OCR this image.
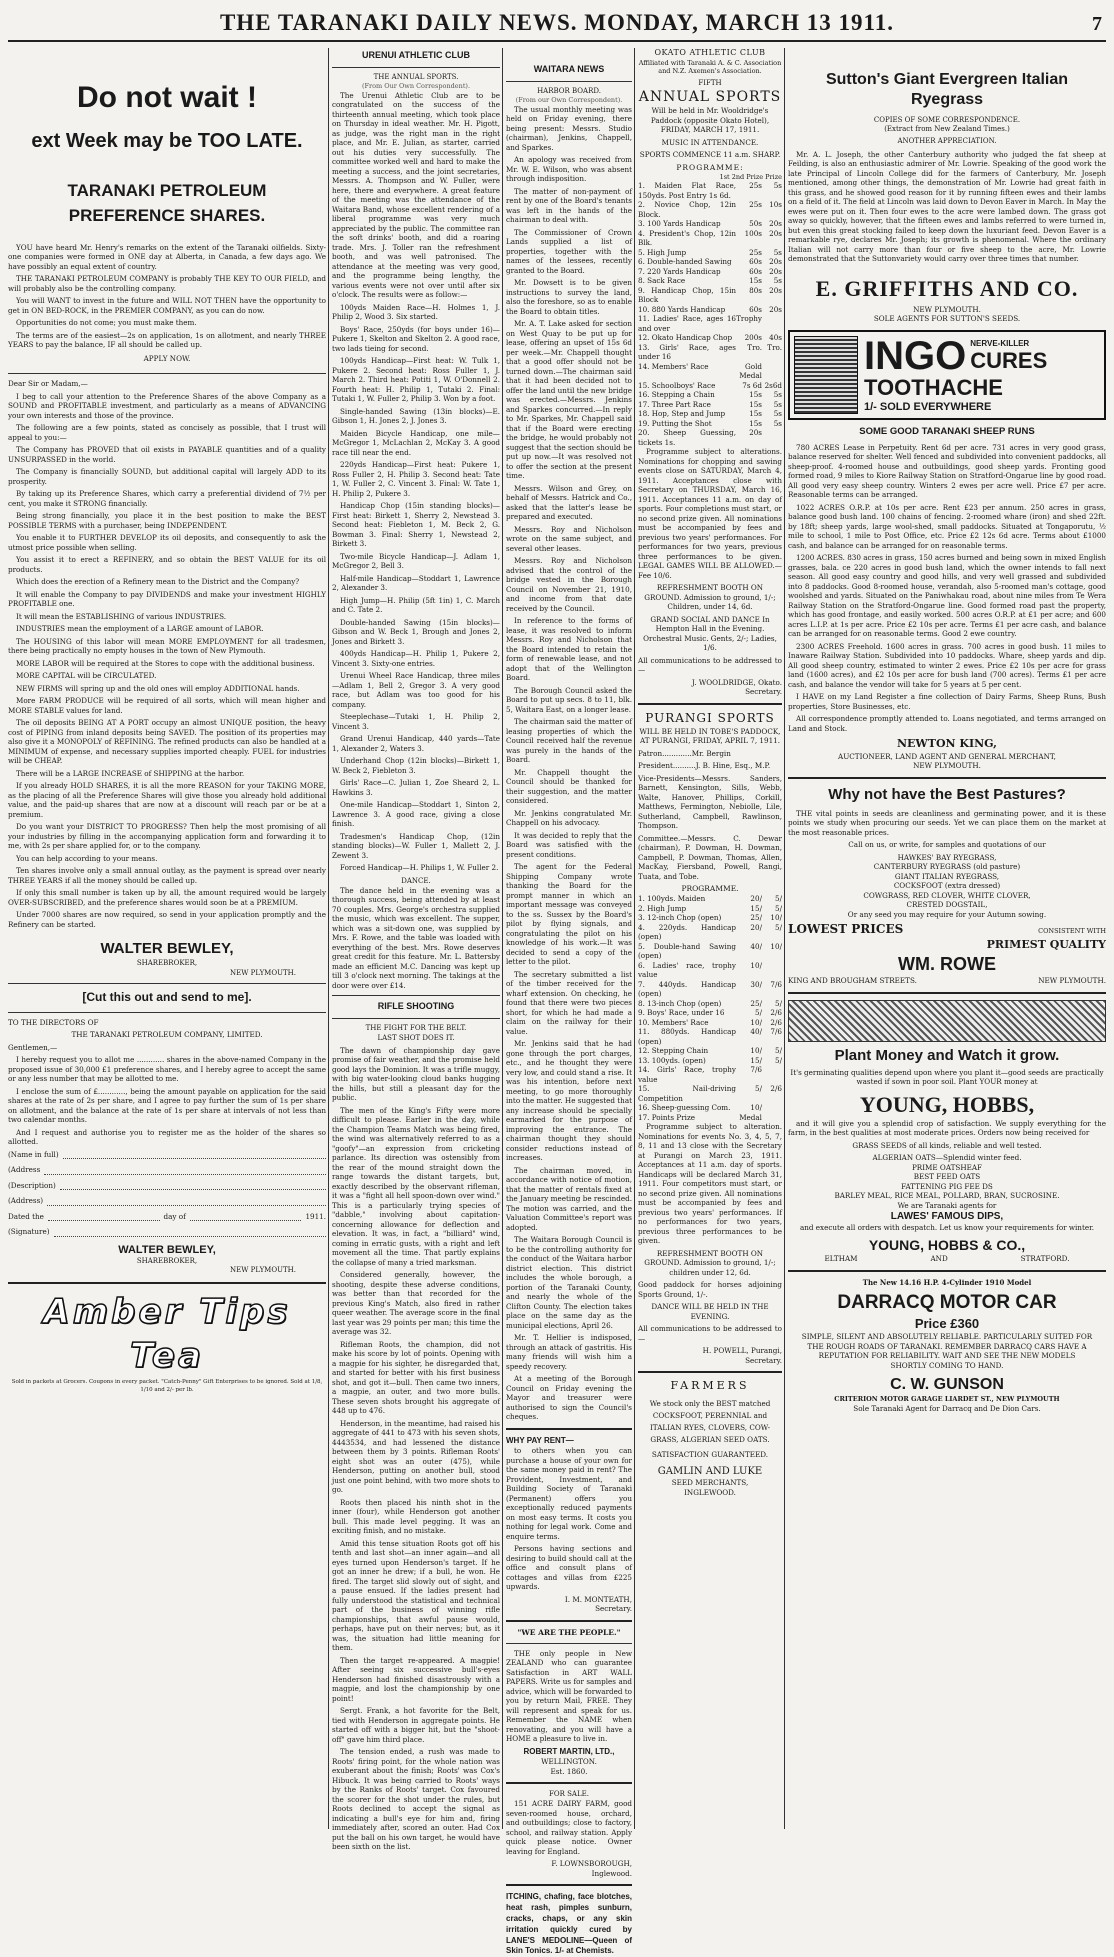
THE TARANAKI DAILY NEWS. MONDAY, MARCH 13 1911.	7
Do not wait !
ext Week may be TOO LATE.
TARANAKI PETROLEUM PREFERENCE SHARES.

YOU have heard Mr. Henry's remarks on the extent of the Taranaki oilfields. Sixty-one companies were formed in ONE day at Alberta, in Canada, a few days ago. We have possibly an equal extent of country.

THE TARANAKI PETROLEUM COMPANY is probably THE KEY TO OUR FIELD, and will probably also be the controlling company.

You will WANT to invest in the future and WILL NOT THEN have the opportunity to get in ON BED-ROCK, in the PREMIER COMPANY, as you can do now.

Opportunities do not come; you must make them.

The terms are of the easiest—2s on application, 1s on allotment, and nearly THREE YEARS to pay the balance, IF all should be called up.

APPLY NOW.

Dear Sir or Madam,—

I beg to call your attention to the Preference Shares of the above Company as a SOUND and PROFITABLE investment, and particularly as a means of ADVANCING your own interests and those of the province.

The following are a few points, stated as concisely as possible, that I trust will appeal to you:—

The Company has PROVED that oil exists in PAYABLE quantities and of a quality UNSURPASSED in the world.

The Company is financially SOUND, but additional capital will largely ADD to its prosperity.

By taking up its Preference Shares, which carry a preferential dividend of 7½ per cent, you make it STRONG financially.

Being strong financially, you place it in the best position to make the BEST POSSIBLE TERMS with a purchaser, being INDEPENDENT.

You enable it to FURTHER DEVELOP its oil deposits, and consequently to ask the utmost price possible when selling.

You assist it to erect a REFINERY, and so obtain the BEST VALUE for its oil products.

Which does the erection of a Refinery mean to the District and the Company?

It will enable the Company to pay DIVIDENDS and make your investment HIGHLY PROFITABLE one.

It will mean the ESTABLISHING of various INDUSTRIES.

INDUSTRIES mean the employment of a LARGE amount of LABOR.

The HOUSING of this labor will mean MORE EMPLOYMENT for all tradesmen, there being practically no empty houses in the town of New Plymouth.

MORE LABOR will be required at the Stores to cope with the additional business.

MORE CAPITAL will be CIRCULATED.

NEW FIRMS will spring up and the old ones will employ ADDITIONAL hands.

More FARM PRODUCE will be required of all sorts, which will mean higher and MORE STABLE values for land.

The oil deposits BEING AT A PORT occupy an almost UNIQUE position, the heavy cost of PIPING from inland deposits being SAVED. The position of its properties may also give it a MONOPOLY of REFINING. The refined products can also be handled at a MINIMUM of expense, and necessary supplies imported cheaply. FUEL for industries will be CHEAP.

There will be a LARGE INCREASE of SHIPPING at the harbor.

If you already HOLD SHARES, it is all the more REASON for your TAKING MORE, as the placing of all the Preference Shares will give those you already hold additional value, and the paid-up shares that are now at a discount will reach par or be at a premium.

Do you want your DISTRICT TO PROGRESS? Then help the most promising of all your industries by filling in the accompanying application form and forwarding it to me, with 2s per share applied for, or to the company.

You can help according to your means.

Ten shares involve only a small annual outlay, as the payment is spread over nearly THREE YEARS if all the money should be called up.

If only this small number is taken up by all, the amount required would be largely OVER-SUBSCRIBED, and the preference shares would soon be at a PREMIUM.

Under 7000 shares are now required, so send in your application promptly and the Refinery can be started.

WALTER BEWLEY,
SHAREBROKER,
NEW PLYMOUTH.
[Cut this out and send to me].

TO THE DIRECTORS OF

THE TARANAKI PETROLEUM COMPANY, LIMITED.

Gentlemen,—

I hereby request you to allot me ............ shares in the above-named Company in the proposed issue of 30,000 £1 preference shares, and I hereby agree to accept the same or any less number that may be allotted to me.

I enclose the sum of £............, being the amount payable on application for the said shares at the rate of 2s per share, and I agree to pay further the sum of 1s per share on allotment, and the balance at the rate of 1s per share at intervals of not less than two calendar months.

And I request and authorise you to register me as the holder of the shares so allotted.

(Name in full)
(Address
(Description)
(Address)
Dated the	day of	1911.
(Signature)
WALTER BEWLEY,
SHAREBROKER,
NEW PLYMOUTH.
Amber Tips Tea
Sold in packets at Grocers. Coupons in every packet. "Catch-Penny" Gift Enterprises to be ignored. Sold at 1/8, 1/10 and 2/- per lb.
URENUI ATHLETIC CLUB
THE ANNUAL SPORTS.
(From Our Own Correspondent).

The Urenui Athletic Club are to be congratulated on the success of the thirteenth annual meeting, which took place on Thursday in ideal weather. Mr. H. Pigott, as judge, was the right man in the right place, and Mr. E. Julian, as starter, carried out his duties very successfully. The committee worked well and hard to make the meeting a success, and the joint secretaries, Messrs. A. Thompson and W. Fuller, were here, there and everywhere. A great feature of the meeting was the attendance of the Waitara Band, whose excellent rendering of a liberal programme was very much appreciated by the public. The committee ran the soft drinks' booth, and did a roaring trade. Mrs. J. Toller ran the refreshment booth, and was well patronised. The attendance at the meeting was very good, and the programme being lengthy, the various events were not over until after six o'clock. The results were as follow:—

100yds Maiden Race—H. Holmes 1, J. Philip 2, Wood 3. Six started.

Boys' Race, 250yds (for boys under 16)—Pukere 1, Skelton and Skelton 2. A good race, two lads tieing for second.

100yds Handicap—First heat: W. Tulk 1, Pukere 2. Second heat: Ross Fuller 1, J. March 2. Third heat: Potiti 1, W. O'Donnell 2. Fourth heat: H. Philip 1, Tutaki 2. Final: Tutaki 1, W. Fuller 2, Philip 3. Won by a foot.

Single-handed Sawing (13in blocks)—E. Gibson 1, H. Jones 2, J. Jones 3.

Maiden Bicycle Handicap, one mile—McGregor 1, McLachlan 2, McKay 3. A good race till near the end.

220yds Handicap—First heat: Pukere 1, Ross Fuller 2, H. Philip 3. Second heat: Tate 1, W. Fuller 2, C. Vincent 3. Final: W. Tate 1, H. Philip 2, Pukere 3.

Handicap Chop (15in standing blocks)—First heat: Birkett 1, Sherry 2, Newstead 3. Second heat: Fiebleton 1, M. Beck 2, G. Bowman 3. Final: Sherry 1, Newstead 2, Birkett 3.

Two-mile Bicycle Handicap—J. Adlam 1, McGregor 2, Bell 3.

Half-mile Handicap—Stoddart 1, Lawrence 2, Alexander 3.

High Jump—H. Philip (5ft 1in) 1, C. March and C. Tate 2.

Double-handed Sawing (15in blocks)—Gibson and W. Beck 1, Brough and Jones 2, Jones and Birkett 3.

400yds Handicap—H. Philip 1, Pukere 2, Vincent 3. Sixty-one entries.

Urenui Wheel Race Handicap, three miles—Adlam 1, Bell 2, Gregor 3. A very good race, but Adlam was too good for his company.

Steeplechase—Tutaki 1, H. Philip 2, Vincent 3.

Grand Urenui Handicap, 440 yards—Tate 1, Alexander 2, Waters 3.

Underhand Chop (12in blocks)—Birkett 1, W. Beck 2, Fiebleton 3.

Girls' Race—C. Julian 1, Zoe Sheard 2, L. Hawkins 3.

One-mile Handicap—Stoddart 1, Sinton 2, Lawrence 3. A good race, giving a close finish.

Tradesmen's Handicap Chop, (12in standing blocks)—W. Fuller 1, Mallett 2, J. Zewent 3.

Forced Handicap—H. Philips 1, W. Fuller 2.

DANCE.

The dance held in the evening was a thorough success, being attended by at least 70 couples. Mrs. George's orchestra supplied the music, which was excellent. The supper, which was a sit-down one, was supplied by Mrs. F. Rowe, and the table was loaded with everything of the best. Mrs. Rowe deserves great credit for this feature. Mr. L. Battersby made an efficient M.C. Dancing was kept up till 3 o'clock next morning. The takings at the door were over £14.

RIFLE SHOOTING
THE FIGHT FOR THE BELT.
LAST SHOT DOES IT.

The dawn of championship day gave promise of fair weather, and the promise held good lays the Dominion. It was a trifle muggy, with big water-looking cloud banks hugging the hills, but still a pleasant day for the public.

The men of the King's Fifty were more difficult to please. Earlier in the day, while the Champion Teams Match was being fired, the wind was alternatively referred to as a "goofy"—an expression from cricketing parlance. Its direction was ostensibly from the rear of the mound straight down the range towards the distant targets, but, exactly described by the observant rifleman, it was a "fight all hell spoon-down over wind." This is a particularly trying species of "dabble," involving about capitation-concerning allowance for deflection and elevation. It was, in fact, a "billiard" wind, coming in erratic gusts, with a right and left movement all the time. That partly explains the collapse of many a tried marksman.

Considered generally, however, the shooting, despite these adverse conditions, was better than that recorded for the previous King's Match, also fired in rather queer weather. The average score in the final last year was 29 points per man; this time the average was 32.

Rifleman Roots, the champion, did not make his score by lot of points. Opening with a magpie for his sighter, he disregarded that, and started for better with his first business shot, and got it—bull. Then came two inners, a magpie, an outer, and two more bulls. These seven shots brought his aggregate of 448 up to 476.

Henderson, in the meantime, had raised his aggregate of 441 to 473 with his seven shots, 4443534, and had lessened the distance between them by 3 points. Rifleman Roots' eight shot was an outer (475), while Henderson, putting on another bull, stood just one point behind, with two more shots to go.

Roots then placed his ninth shot in the inner (four), while Henderson got another bull. This made level pegging. It was an exciting finish, and no mistake.

Amid this tense situation Roots got off his tenth and last shot—an inner again—and all eyes turned upon Henderson's target. If he got an inner he drew; if a bull, he won. He fired. The target slid slowly out of sight, and a pause ensued. If the ladies present had fully understood the statistical and technical part of the business of winning rifle championships, that awful pause would, perhaps, have put on their nerves; but, as it was, the situation had little meaning for them.

Then the target re-appeared. A magpie! After seeing six successive bull's-eyes Henderson had finished disastrously with a magpie, and lost the championship by one point!

Sergt. Frank, a hot favorite for the Belt, tied with Henderson in aggregate points. He started off with a bigger hit, but the "shoot-off" gave him third place.

The tension ended, a rush was made to Roots' firing point, for the whole nation was exuberant about the finish; Roots' was Cox's Hibuck. It was being carried to Roots' ways by the Ranks of Roots' target. Cox favoured the scorer for the shot under the rules, but Roots declined to accept the signal as indicating a bull's eye for him and, firing immediately after, scored an outer. Had Cox put the ball on his own target, he would have been sixth on the list.

WAITARA NEWS
HARBOR BOARD.
(From our Own Correspondent).

The usual monthly meeting was held on Friday evening, there being present: Messrs. Studio (chairman), Jenkins, Chappell, and Sparkes.

An apology was received from Mr. W. E. Wilson, who was absent through indisposition.

The matter of non-payment of rent by one of the Board's tenants was left in the hands of the chairman to deal with.

The Commissioner of Crown Lands supplied a list of properties, together with the names of the lessees, recently granted to the Board.

Mr. Dowsett is to be given instructions to survey the land, also the foreshore, so as to enable the Board to obtain titles.

Mr. A. T. Lake asked for section on West Quay to be put up for lease, offering an upset of 15s 6d per week.—Mr. Chappell thought that a good offer should not be turned down.—The chairman said that it had been decided not to offer the land until the new bridge was erected.—Messrs. Jenkins and Sparkes concurred.—In reply to Mr. Sparkes, Mr. Chappell said that if the Board were erecting the bridge, he would probably not suggest that the section should be put up now.—It was resolved not to offer the section at the present time.

Messrs. Wilson and Grey, on behalf of Messrs. Hatrick and Co., asked that the latter's lease be prepared and executed.

Messrs. Roy and Nicholson wrote on the same subject, and several other leases.

Messrs. Roy and Nicholson advised that the control of the bridge vested in the Borough Council on November 21, 1910, and income from that date received by the Council.

In reference to the forms of lease, it was resolved to inform Messrs. Roy and Nicholson that the Board intended to retain the form of renewable lease, and not adopt that of the Wellington Board.

The Borough Council asked the Board to put up secs. 8 to 11, blk. 5, Waitara East, on a longer lease.

The chairman said the matter of leasing properties of which the Council received half the revenue was purely in the hands of the Board.

Mr. Chappell thought the Council should be thanked for their suggestion, and the matter considered.

Mr. Jenkins congratulated Mr. Chappell on his advocacy.

It was decided to reply that the Board was satisfied with the present conditions.

The agent for the Federal Shipping Company wrote thanking the Board for the prompt manner in which an important message was conveyed to the ss. Sussex by the Board's pilot by flying signals, and congratulating the pilot on his knowledge of his work.—It was decided to send a copy of the letter to the pilot.

The secretary submitted a list of the timber received for the wharf extension. On checking, he found that there were two pieces short, for which he had made a claim on the railway for their value.

Mr. Jenkins said that he had gone through the port charges, etc., and he thought they were very low, and could stand a rise. It was his intention, before next meeting, to go more thoroughly into the matter. He suggested that any increase should be specially earmarked for the purpose of improving the entrance. The chairman thought they should consider reductions instead of increases.

The chairman moved, in accordance with notice of motion, that the matter of rentals fixed at the January meeting be rescinded. The motion was carried, and the Valuation Committee's report was adopted.

The Waitara Borough Council is to be the controlling authority for the conduct of the Waitara harbor district election. This district includes the whole borough, a portion of the Taranaki County, and nearly the whole of the Clifton County. The election takes place on the same day as the municipal elections, April 26.

Mr. T. Hellier is indisposed, through an attack of gastritis. His many friends will wish him a speedy recovery.

At a meeting of the Borough Council on Friday evening the Mayor and treasurer were authorised to sign the Council's cheques.

WHY PAY RENT—

to others when you can purchase a house of your own for the same money paid in rent? The Provident, Investment, and Building Society of Taranaki (Permanent) offers you exceptionally reduced payments on most easy terms. It costs you nothing for legal work. Come and enquire terms.

Persons having sections and desiring to build should call at the office and consult plans of cottages and villas from £225 upwards.

I. M. MONTEATH,
Secretary.
"WE ARE THE PEOPLE."

THE only people in New ZEALAND who can guarantee Satisfaction in ART WALL PAPERS. Write us for samples and advice, which will be forwarded to you by return Mail, FREE. They will represent and speak for us. Remember the NAME when renovating, and you will have a HOME a pleasure to live in.

ROBERT MARTIN, LTD.,
WELLINGTON.
Est. 1860.
FOR SALE.

151 ACRE DAIRY FARM, good seven-roomed house, orchard, and outbuildings; close to factory, school, and railway station. Apply quick please notice. Owner leaving for England.

F. LOWNSBOROUGH,
Inglewood.

ITCHING, chafing, face blotches, heat rash, pimples sunburn, cracks, chaps, or any skin irritation quickly cured by LANE'S MEDOLINE—Queen of Skin Tonics. 1/- at Chemists.

OKATO ATHLETIC CLUB
Affiliated with Taranaki A. & C. Association and N.Z. Axemen's Association.
FIFTH
ANNUAL SPORTS

Will be held in Mr. Wooldridge's Paddock (opposite Okato Hotel), FRIDAY, MARCH 17, 1911.

MUSIC IN ATTENDANCE.

SPORTS COMMENCE 11 a.m. SHARP.

PROGRAMME:
1st 2nd Prize Prize
1. Maiden Flat Race, 150yds. Post Entry 1s 6d.
25s	5s
2. Novice Chop, 12in Block.
25s 10s
3. 100 Yards Handicap	50s 20s
4. President's Chop, 12in Blk.
100s 20s
5. High Jump	25s	5s
6. Double-handed Sawing	60s 20s
7. 220 Yards Handicap	60s 20s
8. Sack Race	15s	5s
9. Handicap Chop, 15in Block
80s 20s
10. 880 Yards Handicap	60s 20s
11. Ladies' Race, ages 16 and over
Trophy
12. Okato Handicap Chop	200s 40s
13. Girls' Race, ages under 16
Tro. Tro.
14. Members' Race	Gold Medal
15. Schoolboys' Race	7s 6d 2s6d
16. Stepping a Chain	15s	5s
17. Three Part Race	15s	5s
18. Hop, Step and Jump	15s	5s
19. Putting the Shot	15s	5s
20. Sheep Guessing, tickets 1s.
20s

Programme subject to alterations. Nominations for chopping and sawing events close on SATURDAY, March 4, 1911. Acceptances close with Secretary on THURSDAY, March 16, 1911. Acceptances 11 a.m. on day of sports. Four completions must start, or no second prize given. All nominations must be accompanied by fees and previous two years' performances. For performances for two years, previous three performances to be given. LEGAL GAMES WILL BE ALLOWED.—Fee 10/6.

REFRESHMENT BOOTH ON GROUND. Admission to ground, 1/-; Children, under 14, 6d.

GRAND SOCIAL AND DANCE In Hempton Hall in the Evening. Orchestral Music. Gents, 2/-; Ladies, 1/6.

All communications to be addressed to—

J. WOOLDRIDGE, Okato.
Secretary.
PURANGI SPORTS

WILL BE HELD IN TOBE'S PADDOCK, AT PURANGI, FRIDAY, APRIL 7, 1911.

Patron.............Mr. Bergin

President..........J. B. Hine, Esq., M.P.

Vice-Presidents—Messrs. Sanders, Barnett, Kensington, Sills, Webb, Walte, Hanover, Phillips, Corkill, Matthews, Fermington, Nebiolle, Lile, Sutherland, Campbell, Rawlinson, Thompson.

Committee.—Messrs. C. Dewar (chairman), P. Dowman, H. Dowman, Campbell, P. Dowman, Thomas, Allen, MacKay, Fiersband, Powell, Rangi, Tuata, and Tobe.

PROGRAMME.
1. 100yds. Maiden	20/	5/
2. High Jump	15/	5/
3. 12-inch Chop (open)	25/	10/
4. 220yds. Handicap (open)
20/	5/
5. Double-hand Sawing (open)
40/	10/
6. Ladies' race, trophy value
10/
7. 440yds. Handicap (open)
30/	7/6
8. 13-inch Chop (open)	25/	5/
9. Boys' Race, under 16	5/	2/6
10. Members' Race	10/	2/6
11. 880yds. Handicap (open)
40/	7/6
12. Stepping Chain	10/	5/
13. 100yds. (open)	15/	5/
14. Girls' Race, trophy value
7/6
15. Nail-driving Competition
5/	2/6
16. Sheep-guessing Com.	10/
17. Points Prize	Medal

Programme subject to alteration. Nominations for events No. 3, 4, 5, 7, 8, 11 and 13 close with the Secretary at Purangi on March 23, 1911. Acceptances at 11 a.m. day of sports. Handicaps will be declared March 31, 1911. Four competitors must start, or no second prize given. All nominations must be accompanied by fees and previous two years' performances. If no performances for two years, previous three performances to be given.

REFRESHMENT BOOTH ON GROUND. Admission to ground, 1/-; children under 12, 6d.

Good paddock for horses adjoining Sports Ground, 1/-.

DANCE WILL BE HELD IN THE EVENING.

All communications to be addressed to—

H. POWELL, Purangi,
Secretary.
FARMERS

We stock only the BEST matched COCKSFOOT, PERENNIAL and ITALIAN RYES, CLOVERS, COW-GRASS, ALGERIAN SEED OATS.

SATISFACTION GUARANTEED.

GAMLIN AND LUKE
SEED MERCHANTS,
INGLEWOOD.
Sutton's Giant Evergreen Italian Ryegrass
COPIES OF SOME CORRESPONDENCE.
(Extract from New Zealand Times.)
ANOTHER APPRECIATION.

Mr. A. L. Joseph, the other Canterbury authority who judged the fat sheep at Feilding, is also an enthusiastic admirer of Mr. Lowrie. Speaking of the good work the late Principal of Lincoln College did for the farmers of Canterbury, Mr. Joseph mentioned, among other things, the demonstration of Mr. Lowrie had great faith in this grass, and he showed good reason for it by running fifteen ewes and their lambs on a field of it. The field at Lincoln was laid down to Devon Eaver in March. In May the ewes were put on it. Then four ewes to the acre were lambed down. The grass got away so quickly, however, that the fifteen ewes and lambs referred to were turned in, but even this great stocking failed to keep down the luxuriant feed. Devon Eaver is a remarkable rye, declares Mr. Joseph; its growth is phenomenal. Where the ordinary Italian will not carry more than four or five sheep to the acre, Mr. Lowrie demonstrated that the Suttonvariety would carry over three times that number.

E. GRIFFITHS AND CO.
NEW PLYMOUTH.
SOLE AGENTS FOR SUTTON'S SEEDS.
INGO NERVE-KILLER
CURES
TOOTHACHE
1/- SOLD EVERYWHERE
SOME GOOD TARANAKI SHEEP RUNS

780 ACRES Lease in Perpetuity. Rent 6d per acre. 731 acres in very good grass, balance reserved for shelter. Well fenced and subdivided into convenient paddocks, all sheep-proof. 4-roomed house and outbuildings, good sheep yards. Fronting good formed road, 9 miles to Kiore Railway Station on Stratford-Ongarue line by good road. All good very easy sheep country. Winters 2 ewes per acre well. Price £7 per acre. Reasonable terms can be arranged.

1022 ACRES O.R.P. at 10s per acre. Rent £23 per annum. 250 acres in grass, balance good bush land. 100 chains of fencing. 2-roomed whare (iron) and shed 22ft. by 18ft; sheep yards, large wool-shed, small paddocks. Situated at Tongaporutu, ½ mile to school, 1 mile to Post Office, etc. Price £2 12s 6d acre. Terms about £1000 cash, and balance can be arranged for on reasonable terms.

1200 ACRES. 830 acres in grass, 150 acres burned and being sown in mixed English grasses, bala. ce 220 acres in good bush land, which the owner intends to fall next season. All good easy country and good hills, and very well grassed and subdivided into 8 paddocks. Good 8-roomed house, verandah, also 5-roomed man's cottage, good woolshed and yards. Situated on the Paniwhakau road, about nine miles from Te Wera Railway Station on the Stratford-Ongarue line. Good formed road past the property, which has good frontage, and easily worked. 500 acres O.R.P. at £1 per acre; and 600 acres L.I.P. at 1s per acre. Price £2 10s per acre. Terms £1 per acre cash, and balance can be arranged for on reasonable terms. Good 2 ewe country.

2300 ACRES Freehold. 1600 acres in grass. 700 acres in good bush. 11 miles to Inaware Railway Station. Subdivided into 10 paddocks. Whare, sheep yards and dip. All good sheep country, estimated to winter 2 ewes. Price £2 10s per acre for grass land (1600 acres), and £2 10s per acre for bush land (700 acres). Terms £1 per acre cash, and balance the vendor will take for 5 years at 5 per cent.

I HAVE on my Land Register a fine collection of Dairy Farms, Sheep Runs, Bush properties, Store Businesses, etc.

All correspondence promptly attended to. Loans negotiated, and terms arranged on Land and Stock.

NEWTON KING,
AUCTIONEER, LAND AGENT AND GENERAL MERCHANT,
NEW PLYMOUTH.
Why not have the Best Pastures?

THE vital points in seeds are cleanliness and germinating power, and it is these points we study when procuring our seeds. Yet we can place them on the market at the most reasonable prices.

Call on us, or write, for samples and quotations of our

HAWKES' BAY RYEGRASS,
CANTERBURY RYEGRASS (old pasture)
GIANT ITALIAN RYEGRASS,
COCKSFOOT (extra dressed)
COWGRASS, RED CLOVER, WHITE CLOVER,
CRESTED DOGSTAIL,

Or any seed you may require for your Autumn sowing.

LOWEST PRICES	CONSISTENT WITH
PRIMEST QUALITY
WM. ROWE
KING AND BROUGHAM STREETS.	NEW PLYMOUTH.
Plant Money and Watch it grow.

It's germinating qualities depend upon where you plant it—good seeds are practically wasted if sown in poor soil. Plant YOUR money at

YOUNG, HOBBS,

and it will give you a splendid crop of satisfaction. We supply everything for the farm, in the best qualities at most moderate prices. Orders now being received for

GRASS SEEDS of all kinds, reliable and well tested.

ALGERIAN OATS—Splendid winter feed.
PRIME OATSHEAF
BEST FEED OATS
FATTENING PIG FEE DS
BARLEY MEAL, RICE MEAL, POLLARD, BRAN, SUCROSINE.
We are Taranaki agents for
LAWES' FAMOUS DIPS,

and execute all orders with despatch. Let us know your requirements for winter.

YOUNG, HOBBS & CO.,
ELTHAM	AND	STRATFORD.
The New 14.16 H.P. 4-Cylinder 1910 Model
DARRACQ MOTOR CAR
Price £360

SIMPLE, SILENT AND ABSOLUTELY RELIABLE. PARTICULARLY SUITED FOR THE ROUGH ROADS OF TARANAKI. REMEMBER DARRACQ CARS HAVE A REPUTATION FOR RELIABILITY. WAIT AND SEE THE NEW MODELS SHORTLY COMING TO HAND.

C. W. GUNSON
CRITERION MOTOR GARAGE LIARDET ST., NEW PLYMOUTH
Sole Taranaki Agent for Darracq and De Dion Cars.
